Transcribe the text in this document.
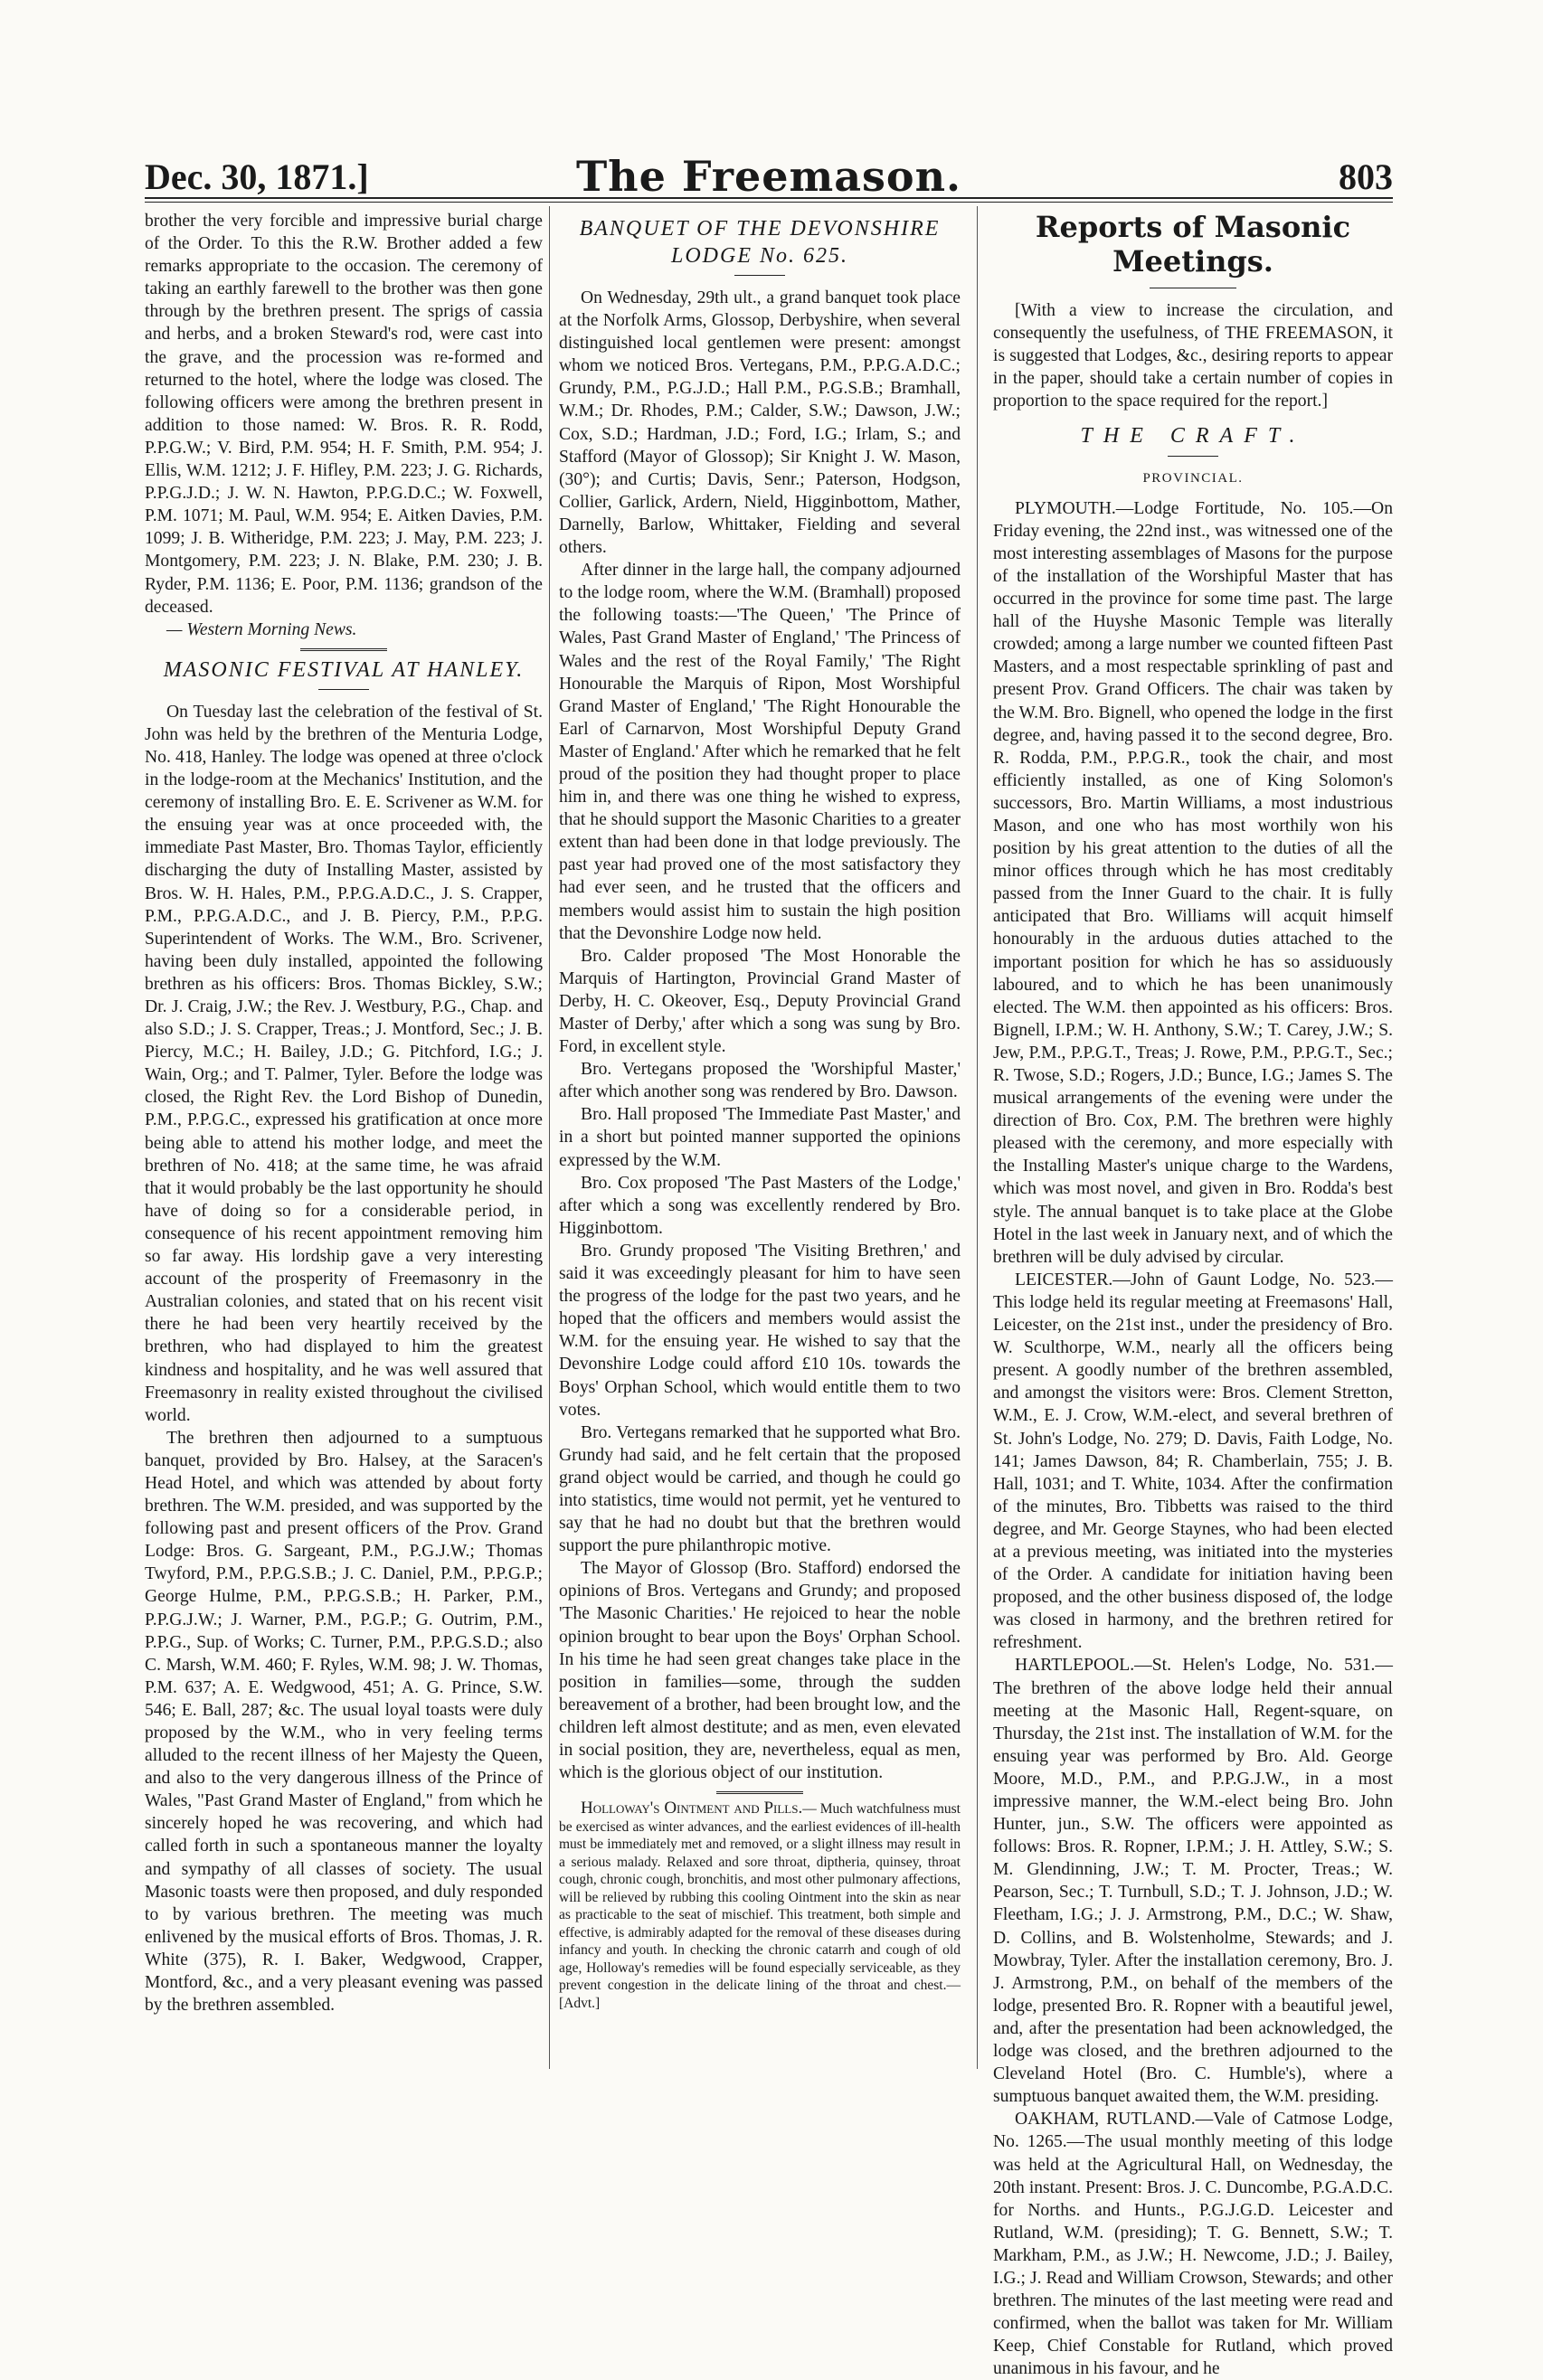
Dec. 30, 1871.]	The Freemason.	803

brother the very forcible and impressive burial charge of the Order. To this the R.W. Brother added a few remarks appropriate to the occasion. The ceremony of taking an earthly farewell to the brother was then gone through by the brethren present. The sprigs of cassia and herbs, and a broken Steward's rod, were cast into the grave, and the procession was re-formed and returned to the hotel, where the lodge was closed. The following officers were among the brethren present in addition to those named: W. Bros. R. R. Rodd, P.P.G.W.; V. Bird, P.M. 954; H. F. Smith, P.M. 954; J. Ellis, W.M. 1212; J. F. Hifley, P.M. 223; J. G. Richards, P.P.G.J.D.; J. W. N. Hawton, P.P.G.D.C.; W. Foxwell, P.M. 1071; M. Paul, W.M. 954; E. Aitken Davies, P.M. 1099; J. B. Witheridge, P.M. 223; J. May, P.M. 223; J. Montgomery, P.M. 223; J. N. Blake, P.M. 230; J. B. Ryder, P.M. 1136; E. Poor, P.M. 1136; grandson of the deceased.

— Western Morning News.

MASONIC FESTIVAL AT HANLEY.

On Tuesday last the celebration of the festival of St. John was held by the brethren of the Menturia Lodge, No. 418, Hanley. The lodge was opened at three o'clock in the lodge-room at the Mechanics' Institution, and the ceremony of installing Bro. E. E. Scrivener as W.M. for the ensuing year was at once proceeded with, the immediate Past Master, Bro. Thomas Taylor, efficiently discharging the duty of Installing Master, assisted by Bros. W. H. Hales, P.M., P.P.G.A.D.C., J. S. Crapper, P.M., P.P.G.A.D.C., and J. B. Piercy, P.M., P.P.G. Superintendent of Works. The W.M., Bro. Scrivener, having been duly installed, appointed the following brethren as his officers: Bros. Thomas Bickley, S.W.; Dr. J. Craig, J.W.; the Rev. J. Westbury, P.G., Chap. and also S.D.; J. S. Crapper, Treas.; J. Montford, Sec.; J. B. Piercy, M.C.; H. Bailey, J.D.; G. Pitchford, I.G.; J. Wain, Org.; and T. Palmer, Tyler. Before the lodge was closed, the Right Rev. the Lord Bishop of Dunedin, P.M., P.P.G.C., expressed his gratification at once more being able to attend his mother lodge, and meet the brethren of No. 418; at the same time, he was afraid that it would probably be the last opportunity he should have of doing so for a considerable period, in consequence of his recent appointment removing him so far away. His lordship gave a very interesting account of the prosperity of Freemasonry in the Australian colonies, and stated that on his recent visit there he had been very heartily received by the brethren, who had displayed to him the greatest kindness and hospitality, and he was well assured that Freemasonry in reality existed throughout the civilised world.

The brethren then adjourned to a sumptuous banquet, provided by Bro. Halsey, at the Saracen's Head Hotel, and which was attended by about forty brethren. The W.M. presided, and was supported by the following past and present officers of the Prov. Grand Lodge: Bros. G. Sargeant, P.M., P.G.J.W.; Thomas Twyford, P.M., P.P.G.S.B.; J. C. Daniel, P.M., P.P.G.P.; George Hulme, P.M., P.P.G.S.B.; H. Parker, P.M., P.P.G.J.W.; J. Warner, P.M., P.G.P.; G. Outrim, P.M., P.P.G., Sup. of Works; C. Turner, P.M., P.P.G.S.D.; also C. Marsh, W.M. 460; F. Ryles, W.M. 98; J. W. Thomas, P.M. 637; A. E. Wedgwood, 451; A. G. Prince, S.W. 546; E. Ball, 287; &c. The usual loyal toasts were duly proposed by the W.M., who in very feeling terms alluded to the recent illness of her Majesty the Queen, and also to the very dangerous illness of the Prince of Wales, "Past Grand Master of England," from which he sincerely hoped he was recovering, and which had called forth in such a spontaneous manner the loyalty and sympathy of all classes of society. The usual Masonic toasts were then proposed, and duly responded to by various brethren. The meeting was much enlivened by the musical efforts of Bros. Thomas, J. R. White (375), R. I. Baker, Wedgwood, Crapper, Montford, &c., and a very pleasant evening was passed by the brethren assembled.

BANQUET OF THE DEVONSHIRE LODGE No. 625.

On Wednesday, 29th ult., a grand banquet took place at the Norfolk Arms, Glossop, Derbyshire, when several distinguished local gentlemen were present: amongst whom we noticed Bros. Vertegans, P.M., P.P.G.A.D.C.; Grundy, P.M., P.G.J.D.; Hall P.M., P.G.S.B.; Bramhall, W.M.; Dr. Rhodes, P.M.; Calder, S.W.; Dawson, J.W.; Cox, S.D.; Hardman, J.D.; Ford, I.G.; Irlam, S.; and Stafford (Mayor of Glossop); Sir Knight J. W. Mason, (30°); and Curtis; Davis, Senr.; Paterson, Hodgson, Collier, Garlick, Ardern, Nield, Higginbottom, Mather, Darnelly, Barlow, Whittaker, Fielding and several others.

After dinner in the large hall, the company adjourned to the lodge room, where the W.M. (Bramhall) proposed the following toasts:—'The Queen,' 'The Prince of Wales, Past Grand Master of England,' 'The Princess of Wales and the rest of the Royal Family,' 'The Right Honourable the Marquis of Ripon, Most Worshipful Grand Master of England,' 'The Right Honourable the Earl of Carnarvon, Most Worshipful Deputy Grand Master of England.' After which he remarked that he felt proud of the position they had thought proper to place him in, and there was one thing he wished to express, that he should support the Masonic Charities to a greater extent than had been done in that lodge previously. The past year had proved one of the most satisfactory they had ever seen, and he trusted that the officers and members would assist him to sustain the high position that the Devonshire Lodge now held.

Bro. Calder proposed 'The Most Honorable the Marquis of Hartington, Provincial Grand Master of Derby, H. C. Okeover, Esq., Deputy Provincial Grand Master of Derby,' after which a song was sung by Bro. Ford, in excellent style.

Bro. Vertegans proposed the 'Worshipful Master,' after which another song was rendered by Bro. Dawson.

Bro. Hall proposed 'The Immediate Past Master,' and in a short but pointed manner supported the opinions expressed by the W.M.

Bro. Cox proposed 'The Past Masters of the Lodge,' after which a song was excellently rendered by Bro. Higginbottom.

Bro. Grundy proposed 'The Visiting Brethren,' and said it was exceedingly pleasant for him to have seen the progress of the lodge for the past two years, and he hoped that the officers and members would assist the W.M. for the ensuing year. He wished to say that the Devonshire Lodge could afford £10 10s. towards the Boys' Orphan School, which would entitle them to two votes.

Bro. Vertegans remarked that he supported what Bro. Grundy had said, and he felt certain that the proposed grand object would be carried, and though he could go into statistics, time would not permit, yet he ventured to say that he had no doubt but that the brethren would support the pure philanthropic motive.

The Mayor of Glossop (Bro. Stafford) endorsed the opinions of Bros. Vertegans and Grundy; and proposed 'The Masonic Charities.' He rejoiced to hear the noble opinion brought to bear upon the Boys' Orphan School. In his time he had seen great changes take place in the position in families—some, through the sudden bereavement of a brother, had been brought low, and the children left almost destitute; and as men, even elevated in social position, they are, nevertheless, equal as men, which is the glorious object of our institution.

Holloway's Ointment and Pills.— Much watchfulness must be exercised as winter advances, and the earliest evidences of ill-health must be immediately met and removed, or a slight illness may result in a serious malady. Relaxed and sore throat, diptheria, quinsey, throat cough, chronic cough, bronchitis, and most other pulmonary affections, will be relieved by rubbing this cooling Ointment into the skin as near as practicable to the seat of mischief. This treatment, both simple and effective, is admirably adapted for the removal of these diseases during infancy and youth. In checking the chronic catarrh and cough of old age, Holloway's remedies will be found especially serviceable, as they prevent congestion in the delicate lining of the throat and chest.—[Advt.]

Reports of Masonic Meetings.

[With a view to increase the circulation, and consequently the usefulness, of THE FREEMASON, it is suggested that Lodges, &c., desiring reports to appear in the paper, should take a certain number of copies in proportion to the space required for the report.]

THE CRAFT.
PROVINCIAL.

PLYMOUTH.—Lodge Fortitude, No. 105.—On Friday evening, the 22nd inst., was witnessed one of the most interesting assemblages of Masons for the purpose of the installation of the Worshipful Master that has occurred in the province for some time past. The large hall of the Huyshe Masonic Temple was literally crowded; among a large number we counted fifteen Past Masters, and a most respectable sprinkling of past and present Prov. Grand Officers. The chair was taken by the W.M. Bro. Bignell, who opened the lodge in the first degree, and, having passed it to the second degree, Bro. R. Rodda, P.M., P.P.G.R., took the chair, and most efficiently installed, as one of King Solomon's successors, Bro. Martin Williams, a most industrious Mason, and one who has most worthily won his position by his great attention to the duties of all the minor offices through which he has most creditably passed from the Inner Guard to the chair. It is fully anticipated that Bro. Williams will acquit himself honourably in the arduous duties attached to the important position for which he has so assiduously laboured, and to which he has been unanimously elected. The W.M. then appointed as his officers: Bros. Bignell, I.P.M.; W. H. Anthony, S.W.; T. Carey, J.W.; S. Jew, P.M., P.P.G.T., Treas; J. Rowe, P.M., P.P.G.T., Sec.; R. Twose, S.D.; Rogers, J.D.; Bunce, I.G.; James S. The musical arrangements of the evening were under the direction of Bro. Cox, P.M. The brethren were highly pleased with the ceremony, and more especially with the Installing Master's unique charge to the Wardens, which was most novel, and given in Bro. Rodda's best style. The annual banquet is to take place at the Globe Hotel in the last week in January next, and of which the brethren will be duly advised by circular.

LEICESTER.—John of Gaunt Lodge, No. 523.—This lodge held its regular meeting at Freemasons' Hall, Leicester, on the 21st inst., under the presidency of Bro. W. Sculthorpe, W.M., nearly all the officers being present. A goodly number of the brethren assembled, and amongst the visitors were: Bros. Clement Stretton, W.M., E. J. Crow, W.M.-elect, and several brethren of St. John's Lodge, No. 279; D. Davis, Faith Lodge, No. 141; James Dawson, 84; R. Chamberlain, 755; J. B. Hall, 1031; and T. White, 1034. After the confirmation of the minutes, Bro. Tibbetts was raised to the third degree, and Mr. George Staynes, who had been elected at a previous meeting, was initiated into the mysteries of the Order. A candidate for initiation having been proposed, and the other business disposed of, the lodge was closed in harmony, and the brethren retired for refreshment.

HARTLEPOOL.—St. Helen's Lodge, No. 531.—The brethren of the above lodge held their annual meeting at the Masonic Hall, Regent-square, on Thursday, the 21st inst. The installation of W.M. for the ensuing year was performed by Bro. Ald. George Moore, M.D., P.M., and P.P.G.J.W., in a most impressive manner, the W.M.-elect being Bro. John Hunter, jun., S.W. The officers were appointed as follows: Bros. R. Ropner, I.P.M.; J. H. Attley, S.W.; S. M. Glendinning, J.W.; T. M. Procter, Treas.; W. Pearson, Sec.; T. Turnbull, S.D.; T. J. Johnson, J.D.; W. Fleetham, I.G.; J. J. Armstrong, P.M., D.C.; W. Shaw, D. Collins, and B. Wolstenholme, Stewards; and J. Mowbray, Tyler. After the installation ceremony, Bro. J. J. Armstrong, P.M., on behalf of the members of the lodge, presented Bro. R. Ropner with a beautiful jewel, and, after the presentation had been acknowledged, the lodge was closed, and the brethren adjourned to the Cleveland Hotel (Bro. C. Humble's), where a sumptuous banquet awaited them, the W.M. presiding.

OAKHAM, RUTLAND.—Vale of Catmose Lodge, No. 1265.—The usual monthly meeting of this lodge was held at the Agricultural Hall, on Wednesday, the 20th instant. Present: Bros. J. C. Duncombe, P.G.A.D.C. for Norths. and Hunts., P.G.J.G.D. Leicester and Rutland, W.M. (presiding); T. G. Bennett, S.W.; T. Markham, P.M., as J.W.; H. Newcome, J.D.; J. Bailey, I.G.; J. Read and William Crowson, Stewards; and other brethren. The minutes of the last meeting were read and confirmed, when the ballot was taken for Mr. William Keep, Chief Constable for Rutland, which proved unanimous in his favour, and he
